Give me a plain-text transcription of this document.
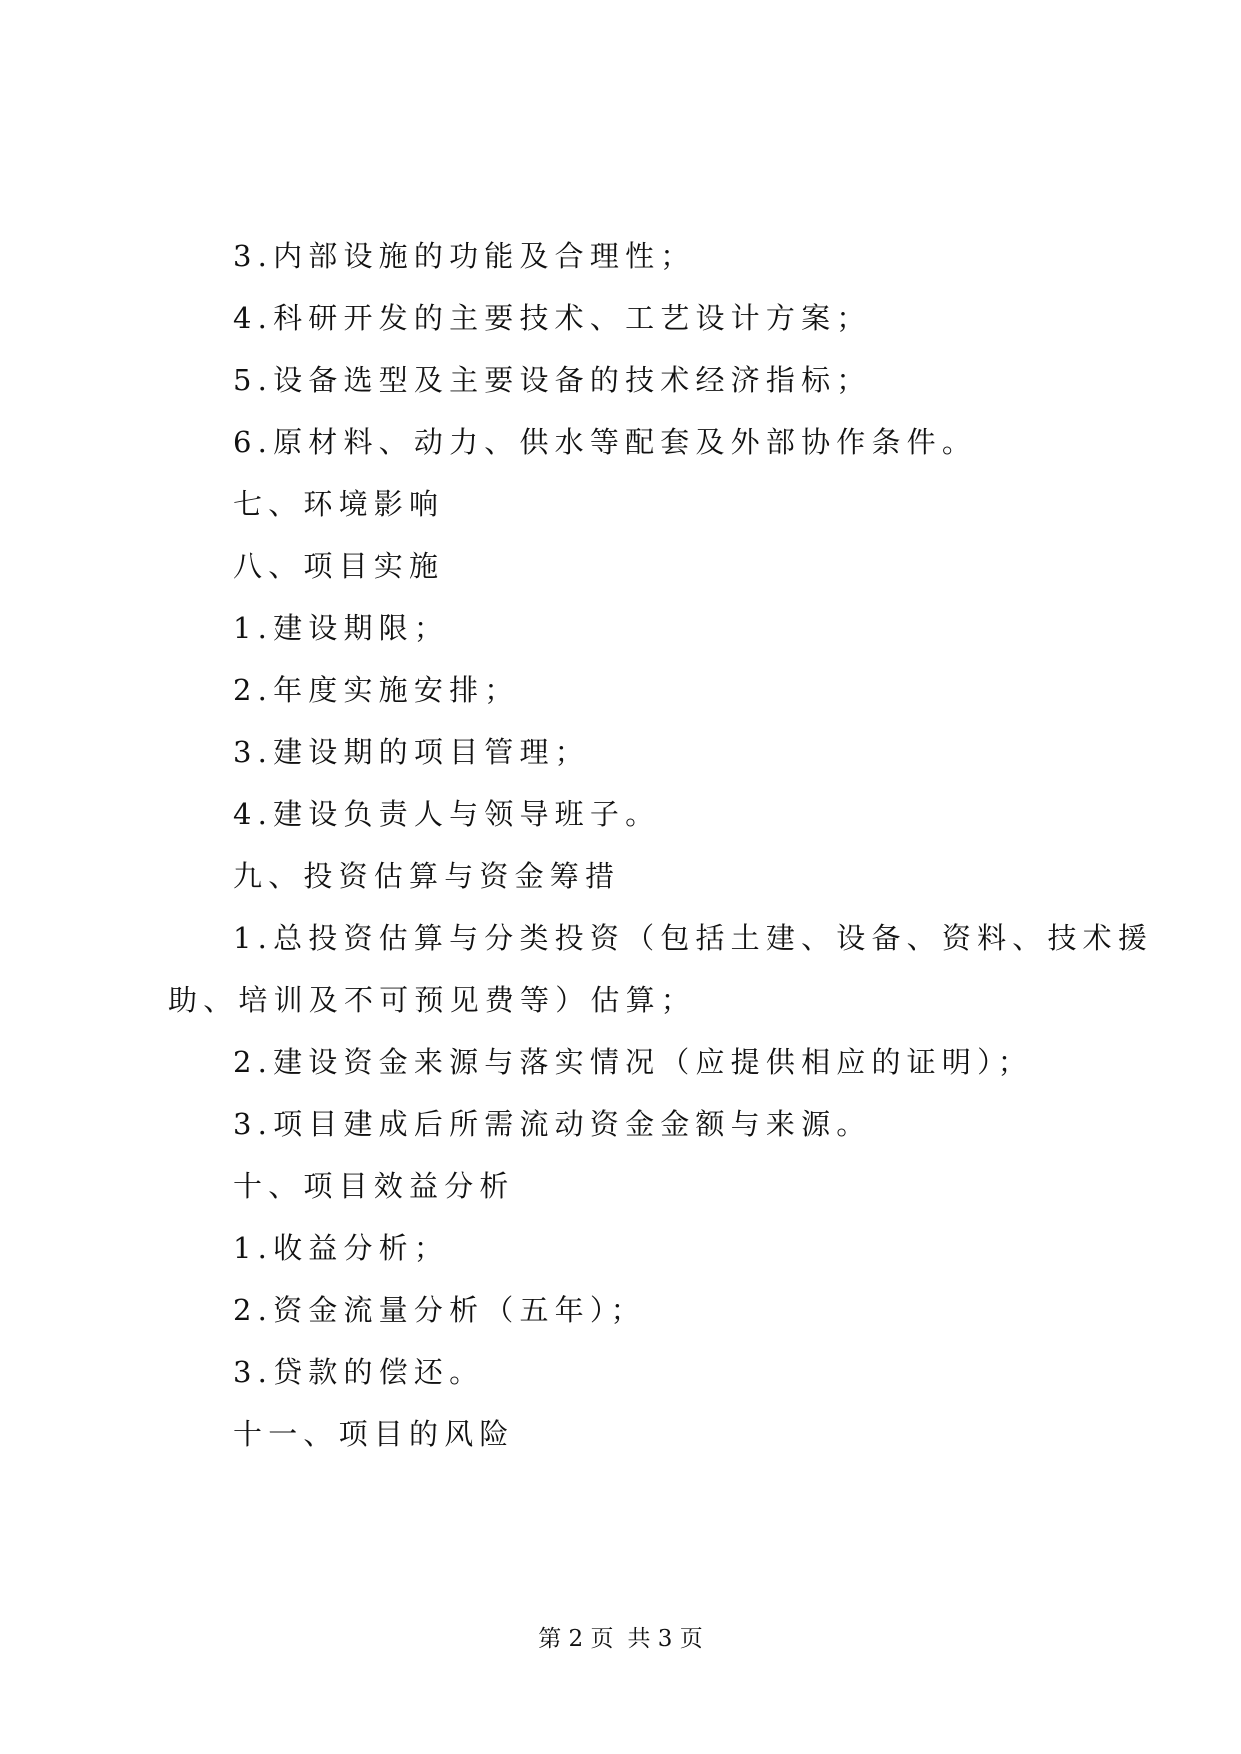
3.内部设施的功能及合理性；
4.科研开发的主要技术、工艺设计方案；
5.设备选型及主要设备的技术经济指标；
6.原材料、动力、供水等配套及外部协作条件。
七、环境影响
八、项目实施
1.建设期限；
2.年度实施安排；
3.建设期的项目管理；
4.建设负责人与领导班子。
九、投资估算与资金筹措
1.总投资估算与分类投资（包括土建、设备、资料、技术援
助、培训及不可预见费等）估算；
2.建设资金来源与落实情况（应提供相应的证明）；
3.项目建成后所需流动资金金额与来源。
十、项目效益分析
1.收益分析；
2.资金流量分析（五年）；
3.贷款的偿还。
十一、项目的风险
第 2 页 共 3 页
